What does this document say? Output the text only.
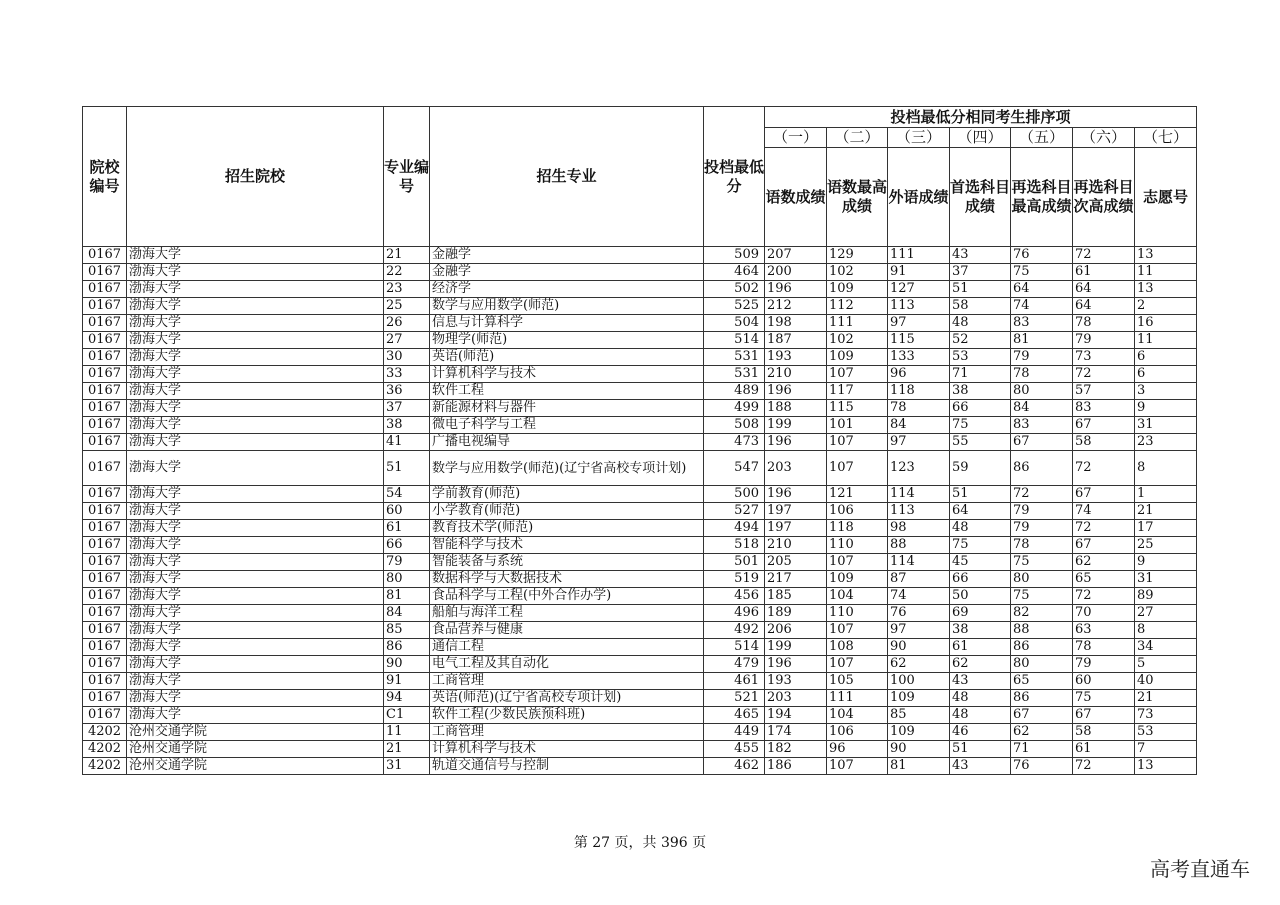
院校编号	招生院校	专业编号	招生专业	投档最低分	投档最低分相同考生排序项						
					（一）	（二）	（三）	（四）	（五）	（六）	（七）
					语数成绩	语数最高成绩	外语成绩	首选科目成绩	再选科目最高成绩	再选科目次高成绩	志愿号
0167	渤海大学	21	金融学	509	207	129	111	43	76	72	13
0167	渤海大学	22	金融学	464	200	102	91	37	75	61	11
0167	渤海大学	23	经济学	502	196	109	127	51	64	64	13
0167	渤海大学	25	数学与应用数学(师范)	525	212	112	113	58	74	64	2
0167	渤海大学	26	信息与计算科学	504	198	111	97	48	83	78	16
0167	渤海大学	27	物理学(师范)	514	187	102	115	52	81	79	11
0167	渤海大学	30	英语(师范)	531	193	109	133	53	79	73	6
0167	渤海大学	33	计算机科学与技术	531	210	107	96	71	78	72	6
0167	渤海大学	36	软件工程	489	196	117	118	38	80	57	3
0167	渤海大学	37	新能源材料与器件	499	188	115	78	66	84	83	9
0167	渤海大学	38	微电子科学与工程	508	199	101	84	75	83	67	31
0167	渤海大学	41	广播电视编导	473	196	107	97	55	67	58	23
0167	渤海大学	51	数学与应用数学(师范)(辽宁省高校专项计划)	547	203	107	123	59	86	72	8
0167	渤海大学	54	学前教育(师范)	500	196	121	114	51	72	67	1
0167	渤海大学	60	小学教育(师范)	527	197	106	113	64	79	74	21
0167	渤海大学	61	教育技术学(师范)	494	197	118	98	48	79	72	17
0167	渤海大学	66	智能科学与技术	518	210	110	88	75	78	67	25
0167	渤海大学	79	智能装备与系统	501	205	107	114	45	75	62	9
0167	渤海大学	80	数据科学与大数据技术	519	217	109	87	66	80	65	31
0167	渤海大学	81	食品科学与工程(中外合作办学)	456	185	104	74	50	75	72	89
0167	渤海大学	84	船舶与海洋工程	496	189	110	76	69	82	70	27
0167	渤海大学	85	食品营养与健康	492	206	107	97	38	88	63	8
0167	渤海大学	86	通信工程	514	199	108	90	61	86	78	34
0167	渤海大学	90	电气工程及其自动化	479	196	107	62	62	80	79	5
0167	渤海大学	91	工商管理	461	193	105	100	43	65	60	40
0167	渤海大学	94	英语(师范)(辽宁省高校专项计划)	521	203	111	109	48	86	75	21
0167	渤海大学	C1	软件工程(少数民族预科班)	465	194	104	85	48	67	67	73
4202	沧州交通学院	11	工商管理	449	174	106	109	46	62	58	53
4202	沧州交通学院	21	计算机科学与技术	455	182	96	90	51	71	61	7
4202	沧州交通学院	31	轨道交通信号与控制	462	186	107	81	43	76	72	13
第 27 页，共 396 页
高考直通车
